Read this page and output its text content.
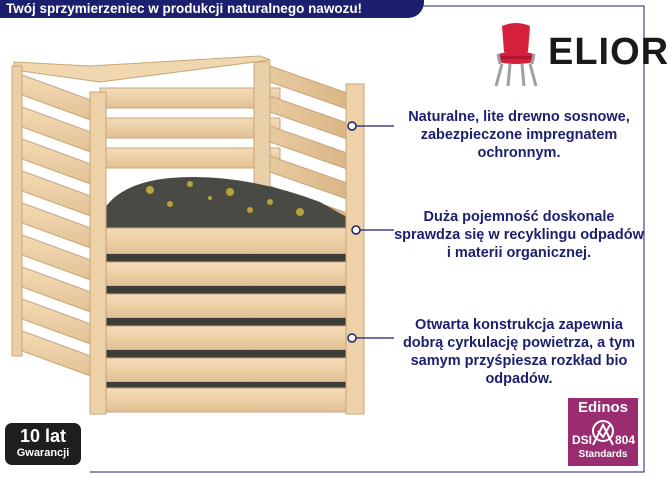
Twój sprzymierzeniec w produkcji naturalnego nawozu!
ELIOR
Naturalne, lite drewno sosnowe, zabezpieczone impregnatem ochronnym.
Duża pojemność doskonale sprawdza się w recyklingu odpadów i materii organicznej.
Otwarta konstrukcja zapewnia dobrą cyrkulację powietrza, a tym samym przyśpiesza rozkład bio odpadów.
10 lat
Gwarancji
Edinos
DSI 804
Standards
